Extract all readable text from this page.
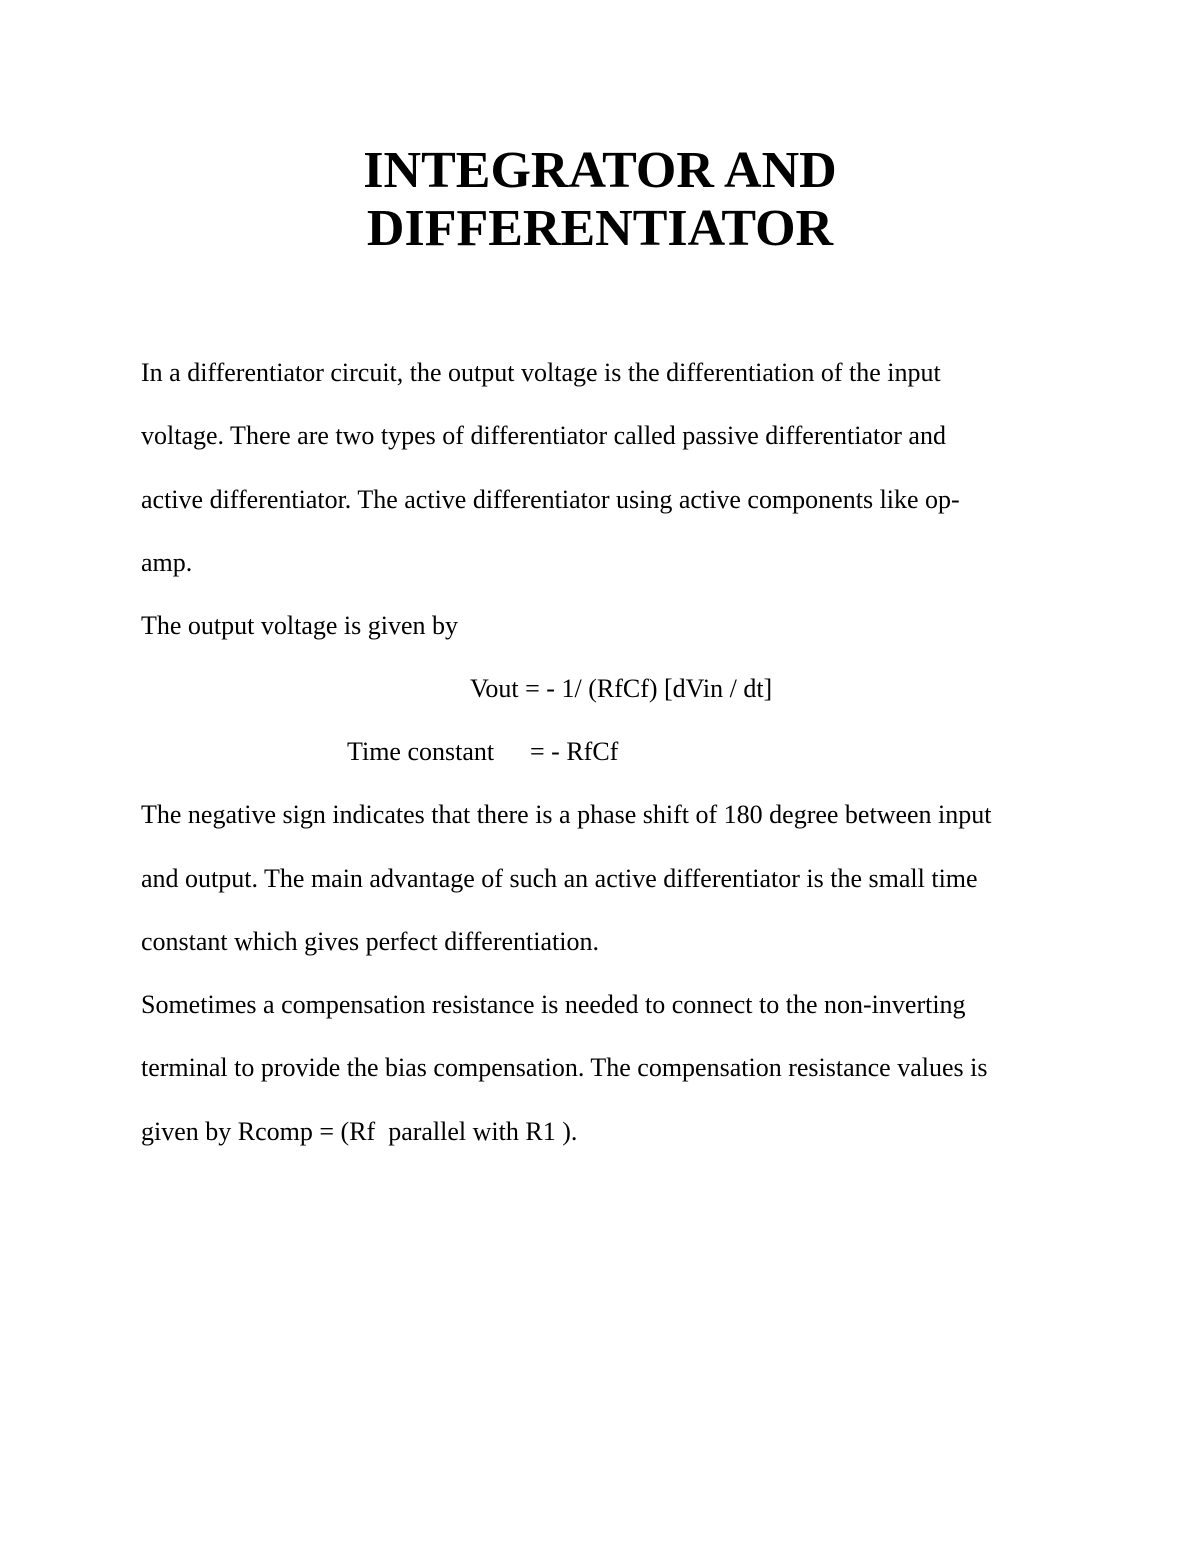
INTEGRATOR AND
DIFFERENTIATOR

In a differentiator circuit, the output voltage is the differentiation of the input

voltage. There are two types of differentiator called passive differentiator and

active differentiator. The active differentiator using active components like op-

amp.

The output voltage is given by

Vout = - 1/ (RfCf) [dVin / dt]
Time constant = - RfCf

The negative sign indicates that there is a phase shift of 180 degree between input

and output. The main advantage of such an active differentiator is the small time

constant which gives perfect differentiation.

Sometimes a compensation resistance is needed to connect to the non-inverting

terminal to provide the bias compensation. The compensation resistance values is

given by Rcomp = (Rf  parallel with R1 ).
